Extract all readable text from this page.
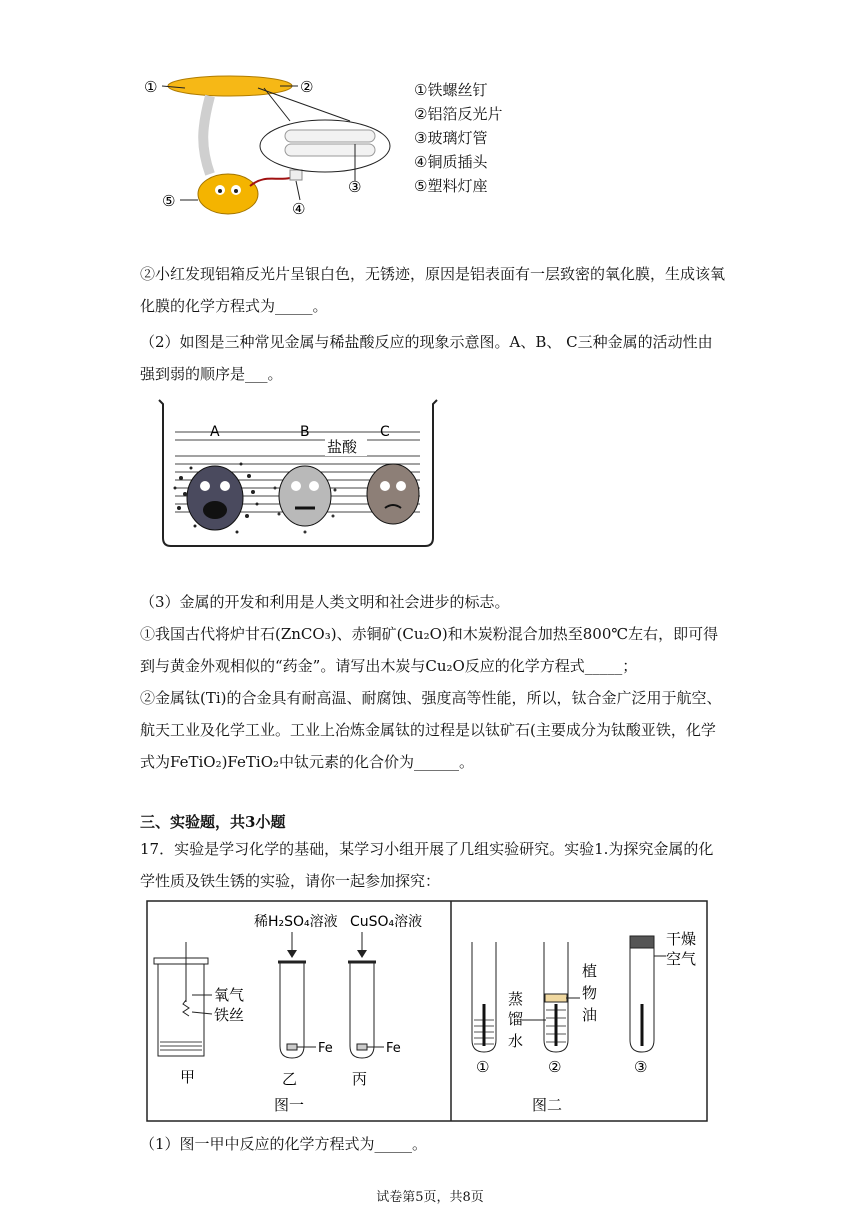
①	②
③
④
⑤
①铁螺丝钉
②铝箔反光片
③玻璃灯管
④铜质插头
⑤塑料灯座
②小红发现铝箱反光片呈银白色，无锈迹，原因是铝表面有一层致密的氧化膜，生成该氧化膜的化学方程式为_____。
（2）如图是三种常见金属与稀盐酸反应的现象示意图。A、B、 C三种金属的活动性由强到弱的顺序是___。
A	B	C
盐酸
（3）金属的开发和利用是人类文明和社会进步的标志。
①我国古代将炉甘石(ZnCO₃)、赤铜矿(Cu₂O)和木炭粉混合加热至800℃左右，即可得到与黄金外观相似的“药金”。请写出木炭与Cu₂O反应的化学方程式_____；
②金属钛(Ti)的合金具有耐高温、耐腐蚀、强度高等性能，所以，钛合金广泛用于航空、航天工业及化学工业。工业上冶炼金属钛的过程是以钛矿石(主要成分为钛酸亚铁，化学式为FeTiO₂)FeTiO₂中钛元素的化合价为______。
三、实验题，共3小题
17．实验是学习化学的基础，某学习小组开展了几组实验研究。实验1.为探究金属的化学性质及铁生锈的实验，请你一起参加探究：
氧气
铁丝
甲
稀H₂SO₄溶液
Fe
乙
CuSO₄溶液
Fe
丙
图一
①
蒸
馏
水
植
物
油
②
干燥
空气
③
图二
（1）图一甲中反应的化学方程式为_____。
试卷第5页，共8页
